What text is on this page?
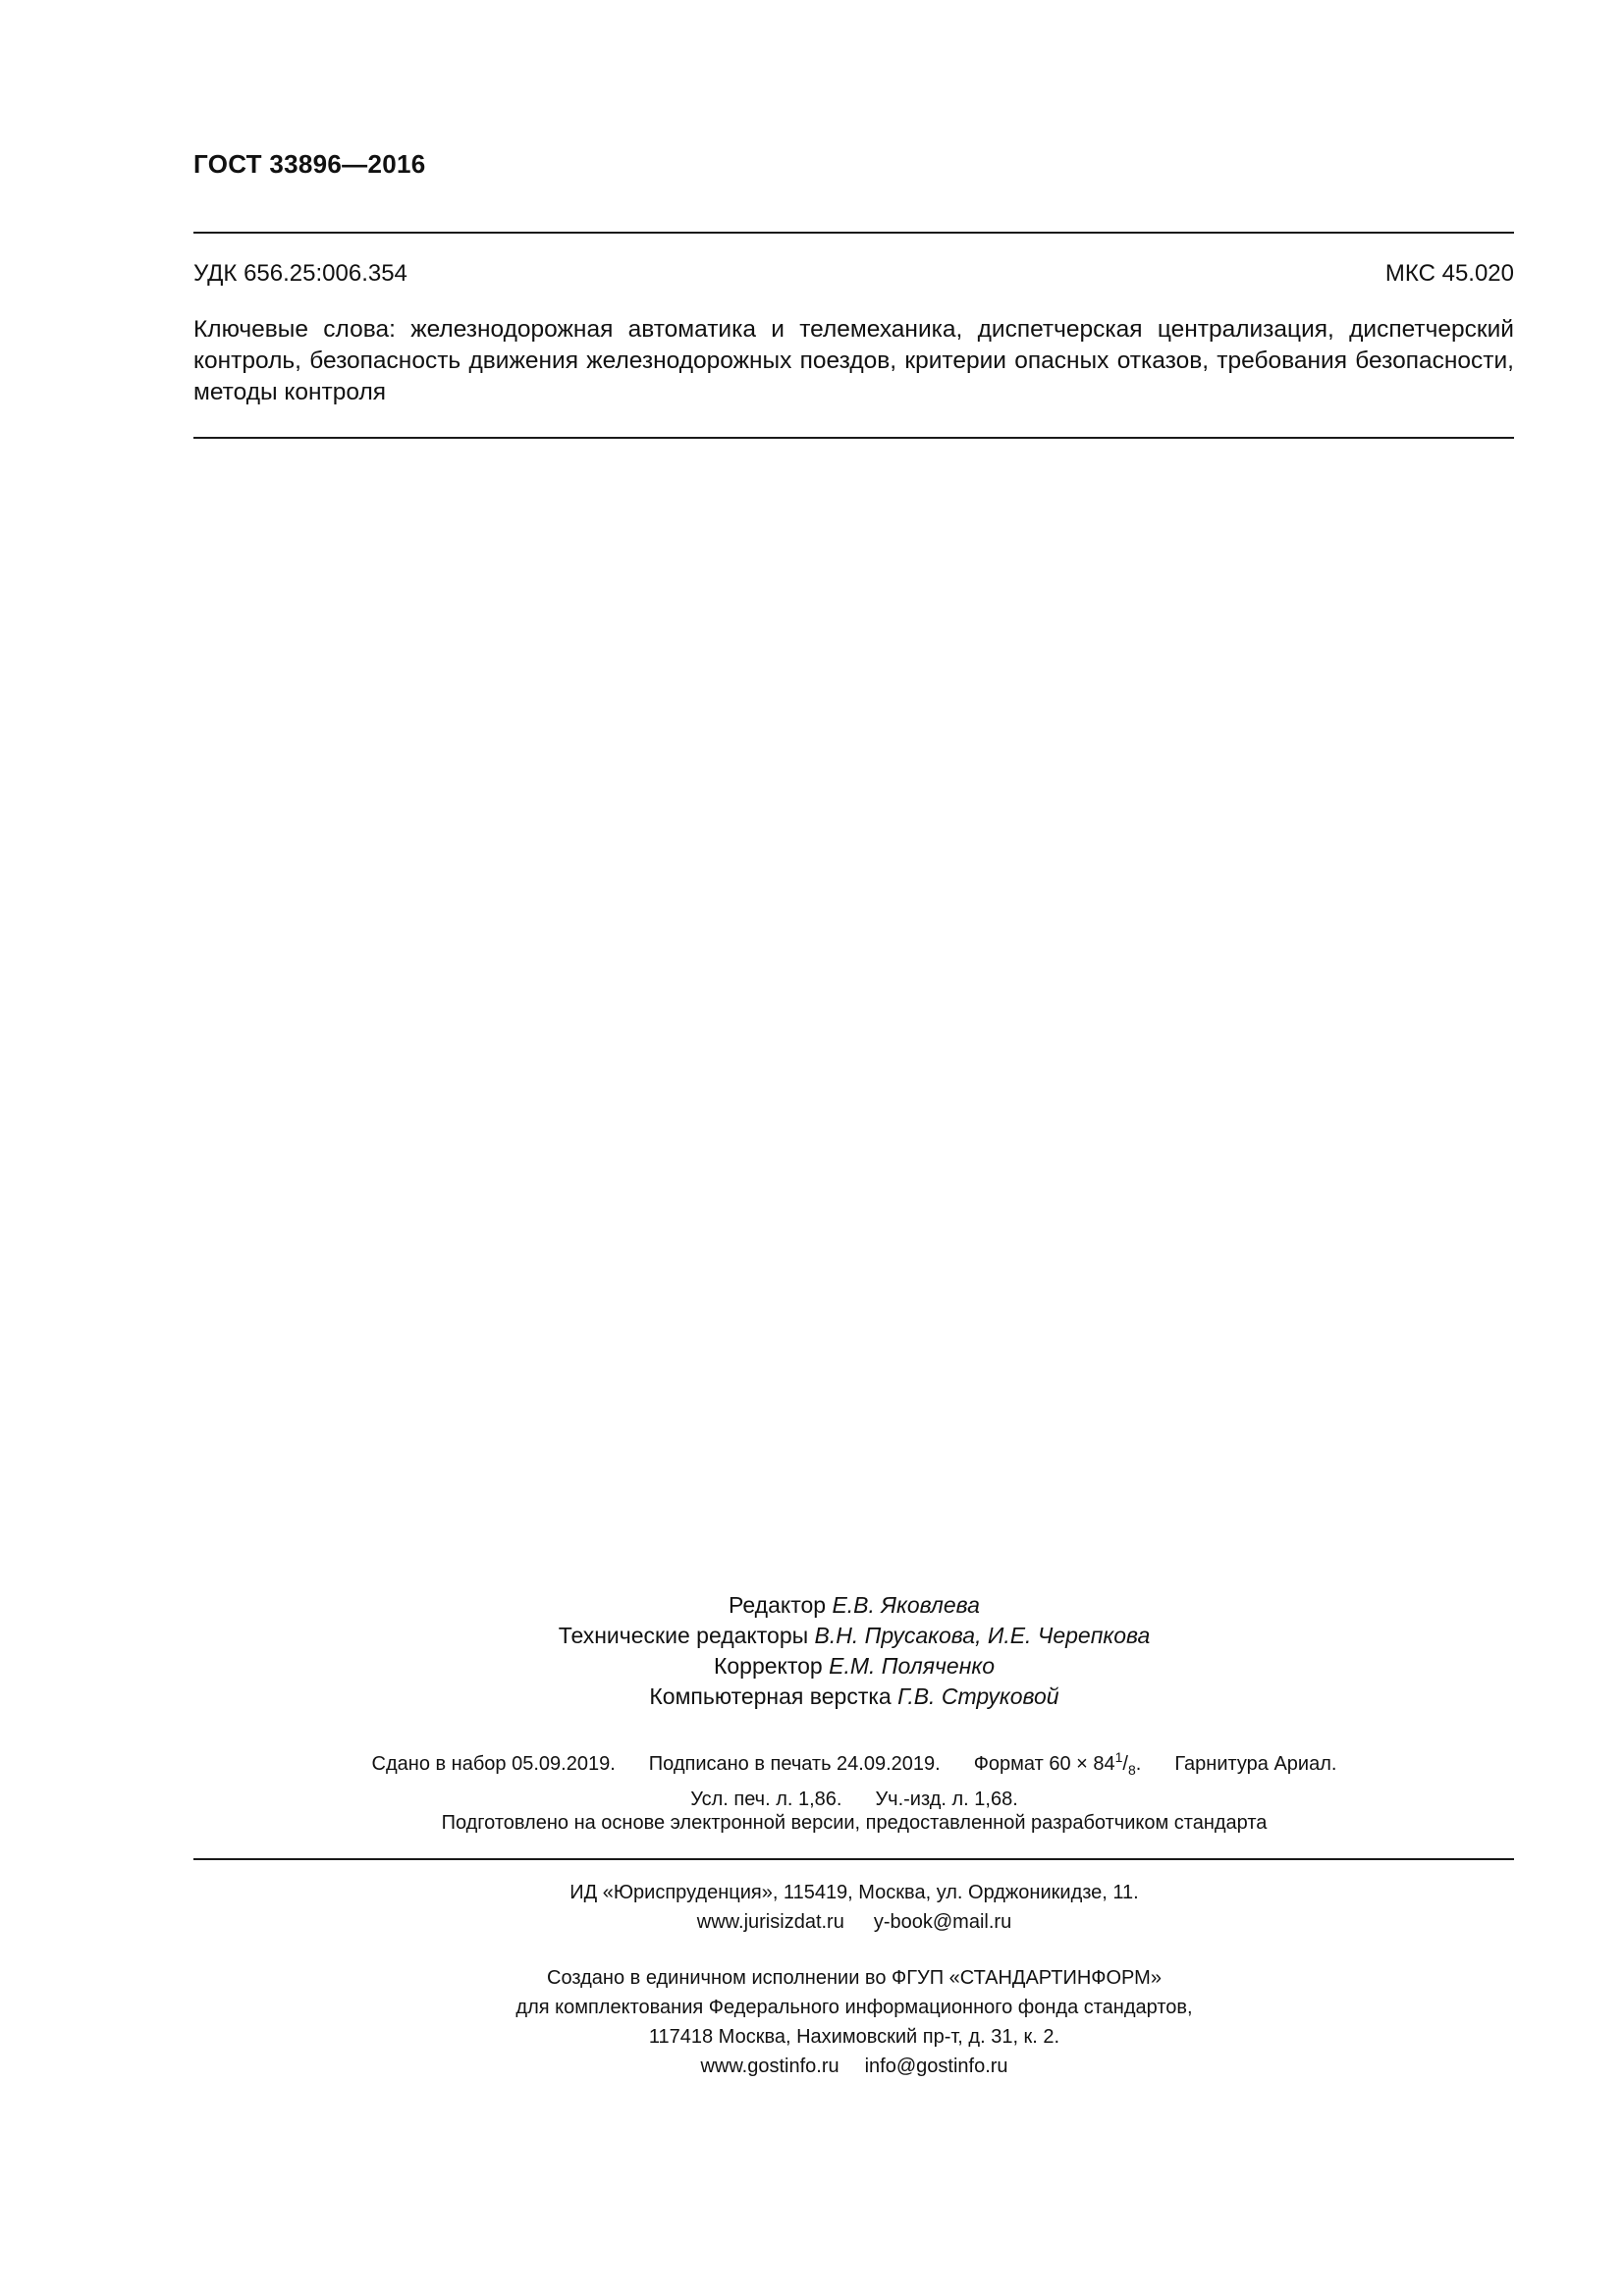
ГОСТ 33896—2016
УДК 656.25:006.354	МКС 45.020
Ключевые слова: железнодорожная автоматика и телемеханика, диспетчерская централизация, диспетчерский контроль, безопасность движения железнодорожных поездов, критерии опасных отказов, требования безопасности, методы контроля
Редактор Е.В. Яковлева
Технические редакторы В.Н. Прусакова, И.Е. Черепкова
Корректор Е.М. Поляченко
Компьютерная верстка Г.В. Струковой
Сдано в набор 05.09.2019. Подписано в печать 24.09.2019. Формат $60 \times 84^1/_8$. Гарнитура Ариал.
Усл. печ. л. 1,86. Уч.-изд. л. 1,68.
Подготовлено на основе электронной версии, предоставленной разработчиком стандарта
ИД «Юриспруденция», 115419, Москва, ул. Орджоникидзе, 11.
www.jurisizdat.ru y-book@mail.ru
Создано в единичном исполнении во ФГУП «СТАНДАРТИНФОРМ»
для комплектования Федерального информационного фонда стандартов,
117418 Москва, Нахимовский пр-т, д. 31, к. 2.
www.gostinfo.ru info@gostinfo.ru
